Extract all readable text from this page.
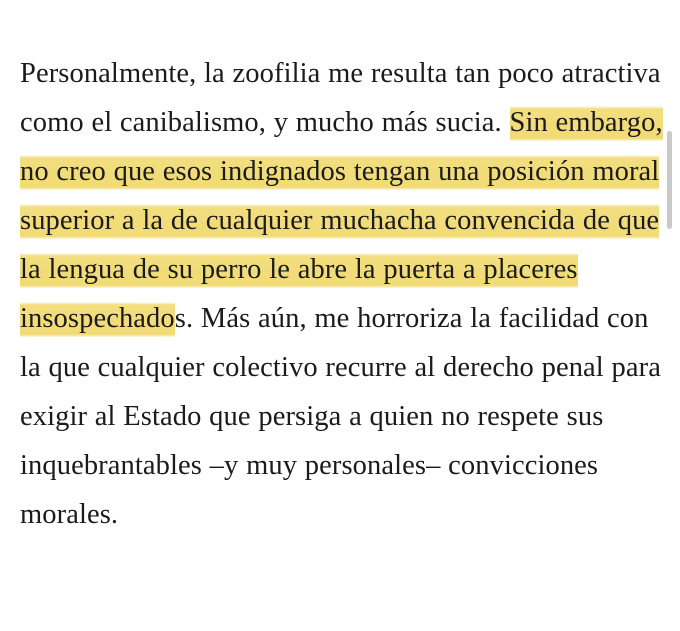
Personalmente, la zoofilia me resulta tan poco atractiva como el canibalismo, y mucho más sucia. Sin embargo, no creo que esos indignados tengan una posición moral superior a la de cualquier muchacha convencida de que la lengua de su perro le abre la puerta a placeres insospechados. Más aún, me horroriza la facilidad con la que cualquier colectivo recurre al derecho penal para exigir al Estado que persiga a quien no respete sus inquebrantables –y muy personales– convicciones morales.
